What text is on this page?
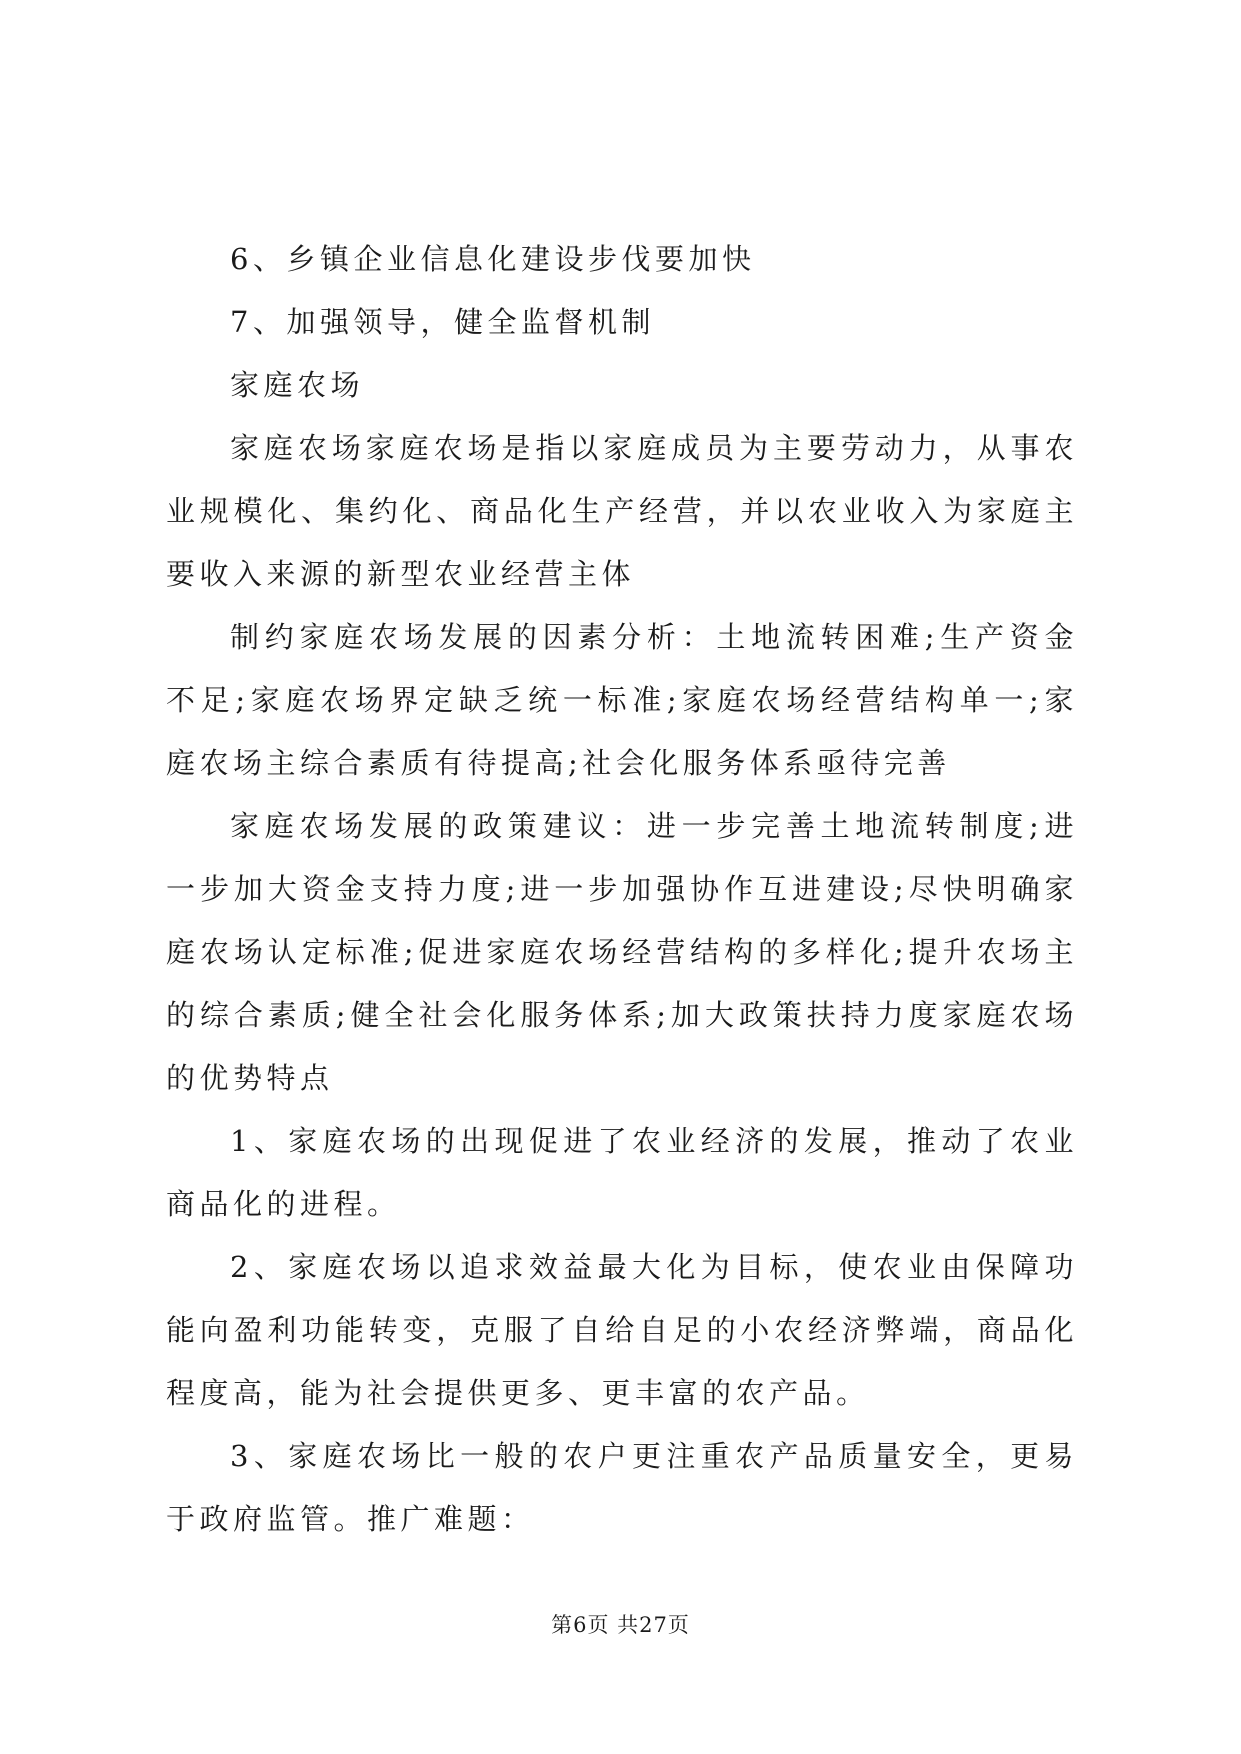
6、乡镇企业信息化建设步伐要加快

7、加强领导，健全监督机制

家庭农场

家庭农场家庭农场是指以家庭成员为主要劳动力，从事农业规模化、集约化、商品化生产经营，并以农业收入为家庭主要收入来源的新型农业经营主体

制约家庭农场发展的因素分析：土地流转困难;生产资金不足;家庭农场界定缺乏统一标准;家庭农场经营结构单一;家庭农场主综合素质有待提高;社会化服务体系亟待完善

家庭农场发展的政策建议：进一步完善土地流转制度;进一步加大资金支持力度;进一步加强协作互进建设;尽快明确家庭农场认定标准;促进家庭农场经营结构的多样化;提升农场主的综合素质;健全社会化服务体系;加大政策扶持力度家庭农场的优势特点

1、家庭农场的出现促进了农业经济的发展，推动了农业商品化的进程。

2、家庭农场以追求效益最大化为目标，使农业由保障功能向盈利功能转变，克服了自给自足的小农经济弊端，商品化程度高，能为社会提供更多、更丰富的农产品。

3、家庭农场比一般的农户更注重农产品质量安全，更易于政府监管。推广难题：

第6页 共27页
